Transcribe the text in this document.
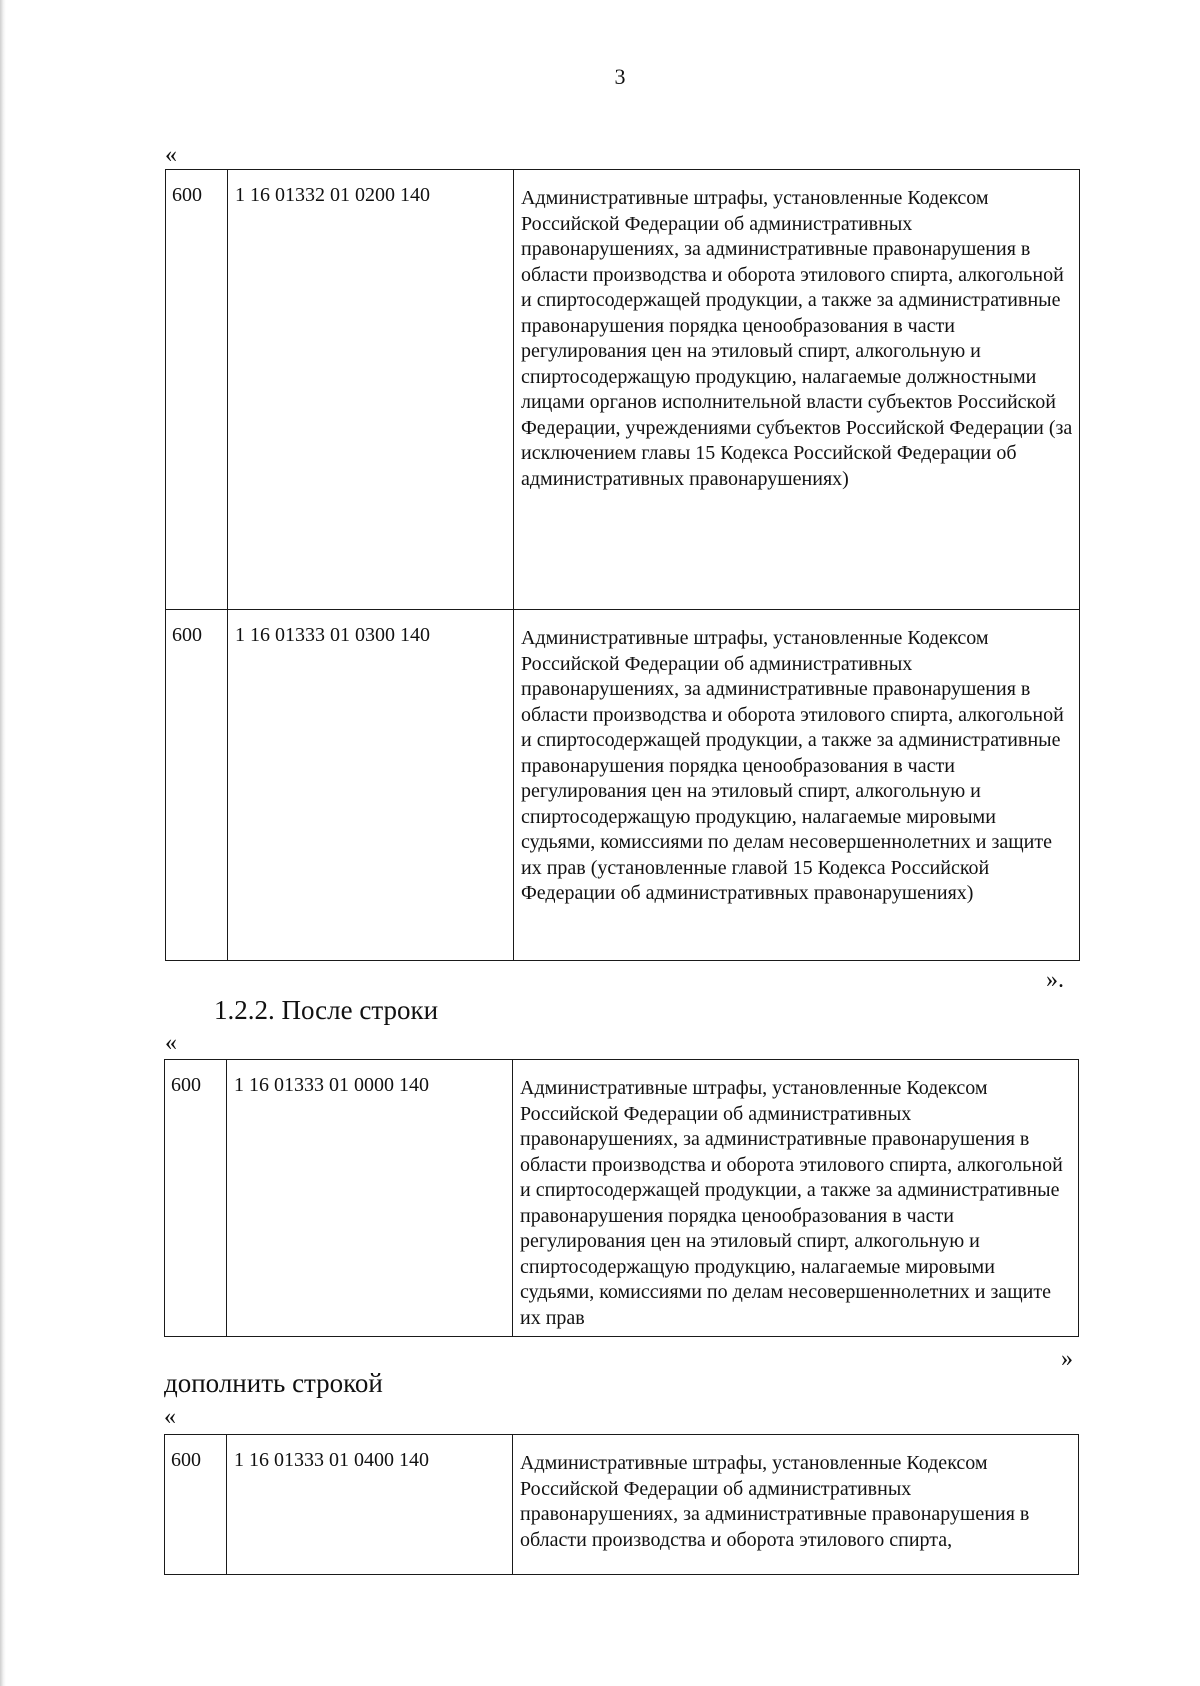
3
«
600	1 16 01332 01 0200 140	Административные штрафы, установленные Кодексом Российской Федерации об административных правонарушениях, за административные правонарушения в области производства и оборота этилового спирта, алкогольной и спиртосодержащей продукции, а также за административные правонарушения порядка ценообразования в части регулирования цен на этиловый спирт, алкогольную и спиртосодержащую продукцию, налагаемые должностными лицами органов исполнительной власти субъектов Российской Федерации, учреждениями субъектов Российской Федерации (за исключением главы 15 Кодекса Российской Федерации об административных правонарушениях)
600	1 16 01333 01 0300 140	Административные штрафы, установленные Кодексом Российской Федерации об административных правонарушениях, за административные правонарушения в области производства и оборота этилового спирта, алкогольной и спиртосодержащей продукции, а также за административные правонарушения порядка ценообразования в части регулирования цен на этиловый спирт, алкогольную и спиртосодержащую продукцию, налагаемые мировыми судьями, комиссиями по делам несовершеннолетних и защите их прав (установленные главой 15 Кодекса Российской Федерации об административных правонарушениях)
».
1.2.2. После строки
«
600	1 16 01333 01 0000 140	Административные штрафы, установленные Кодексом Российской Федерации об административных правонарушениях, за административные правонарушения в области производства и оборота этилового спирта, алкогольной и спиртосодержащей продукции, а также за административные правонарушения порядка ценообразования в части регулирования цен на этиловый спирт, алкогольную и спиртосодержащую продукцию, налагаемые мировыми судьями, комиссиями по делам несовершеннолетних и защите их прав
»
дополнить строкой
«
600	1 16 01333 01 0400 140	Административные штрафы, установленные Кодексом Российской Федерации об административных правонарушениях, за административные правонарушения в области производства и оборота этилового спирта,
